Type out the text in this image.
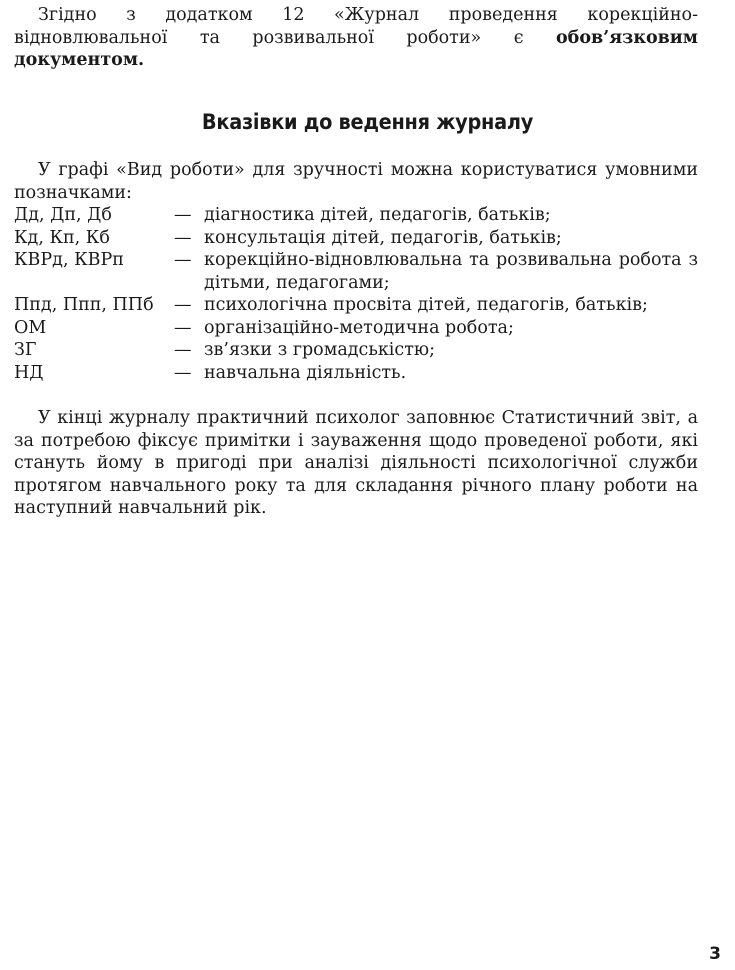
Згідно з додатком 12 «Журнал проведення корекційно-відновлювальної та розвивальної роботи» є обов’язковим документом.

Вказівки до ведення журналу

У графі «Вид роботи» для зручності можна користуватися умовними позначками:

Дд, Дп, Дб	— діагностика дітей, педагогів, батьків;
Кд, Кп, Кб	— консультація дітей, педагогів, батьків;
КВРд, КВРп	— корекційно-відновлювальна та розвивальна робота з дітьми, педагогами;
Ппд, Ппп, ППб	— психологічна просвіта дітей, педагогів, батьків;
ОМ	— організаційно-методична робота;
ЗГ	— зв’язки з громадськістю;
НД	— навчальна діяльність.

У кінці журналу практичний психолог заповнює Статистичний звіт, а за потребою фіксує примітки і зауваження щодо проведеної роботи, які стануть йому в пригоді при аналізі діяльності психологічної служби протягом навчального року та для складання річного плану роботи на наступний навчальний рік.

3
